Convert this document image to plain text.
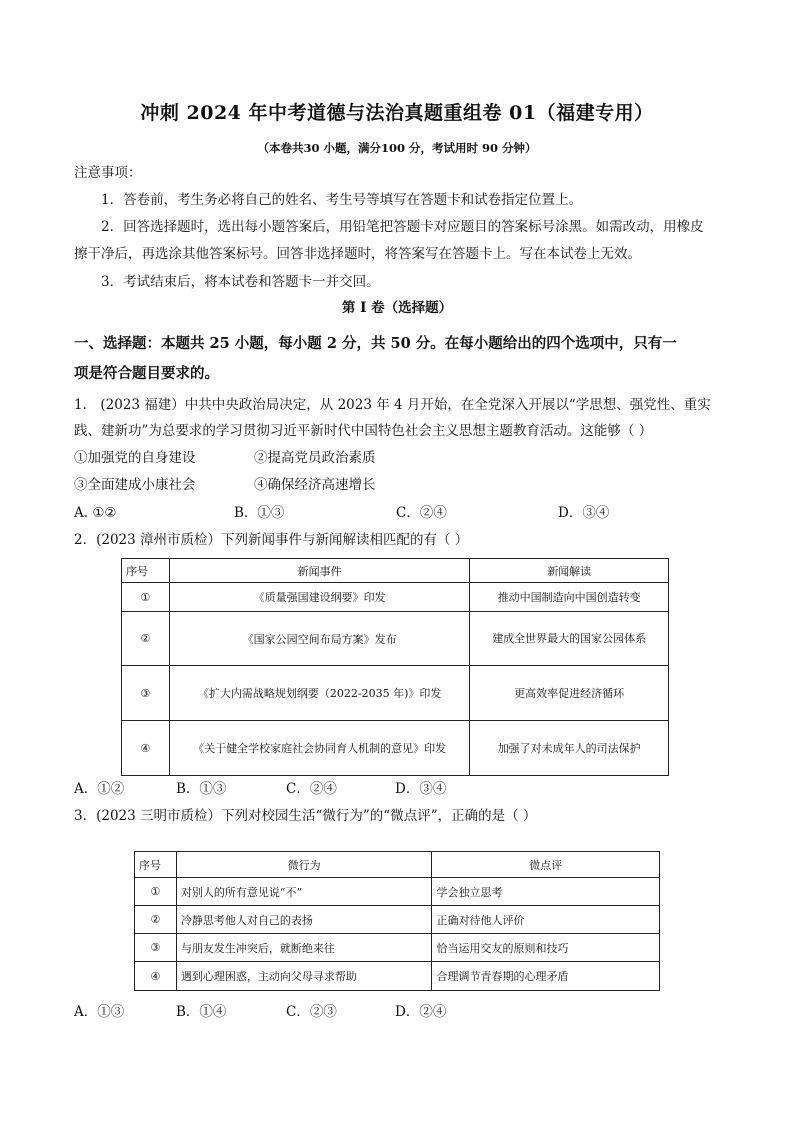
冲刺 2024 年中考道德与法治真题重组卷 01（福建专用）
（本卷共30 小题，满分100 分，考试用时 90 分钟）
注意事项：
1．答卷前，考生务必将自己的姓名、考生号等填写在答题卡和试卷指定位置上。
2．回答选择题时，选出每小题答案后，用铅笔把答题卡对应题目的答案标号涂黑。如需改动，用橡皮
擦干净后，再选涂其他答案标号。回答非选择题时，将答案写在答题卡上。写在本试卷上无效。
3．考试结束后，将本试卷和答题卡一并交回。
第 I 卷（选择题）
一、选择题：本题共 25 小题，每小题 2 分，共 50 分。在每小题给出的四个选项中，只有一
项是符合题目要求的。
1． (2023 福建）中共中央政治局决定，从 2023 年 4 月开始，在全党深入开展以“学思想、强党性、重实
践、建新功”为总要求的学习贯彻习近平新时代中国特色社会主义思想主题教育活动。这能够（ ）
①加强党的自身建设	②提高党员政治素质
③全面建成小康社会	④确保经济高速增长
A. ①②	B．①③	C．②④	D．③④
2．(2023 漳州市质检）下列新闻事件与新闻解读相匹配的有（ ）
序号	新闻事件	新闻解读
①	《质量强国建设纲要》印发	推动中国制造向中国创造转变
②	《国家公园空间布局方案》发布	建成全世界最大的国家公园体系
③	《扩大内需战略规划纲要（2022-2035 年)》印发	更高效率促进经济循环
④	《关于健全学校家庭社会协同育人机制的意见》印发	加强了对未成年人的司法保护
A．①②	B．①③	C．②④	D．③④
3．(2023 三明市质检）下列对校园生活“微行为”的“微点评”，正确的是（ ）
序号	微行为	微点评
①	对别人的所有意见说“不”	学会独立思考
②	冷静思考他人对自己的表扬	正确对待他人评价
③	与朋友发生冲突后，就断绝来往	恰当运用交友的原则和技巧
④	遇到心理困惑，主动向父母寻求帮助	合理调节青春期的心理矛盾
A．①③	B．①④	C．②③	D．②④
